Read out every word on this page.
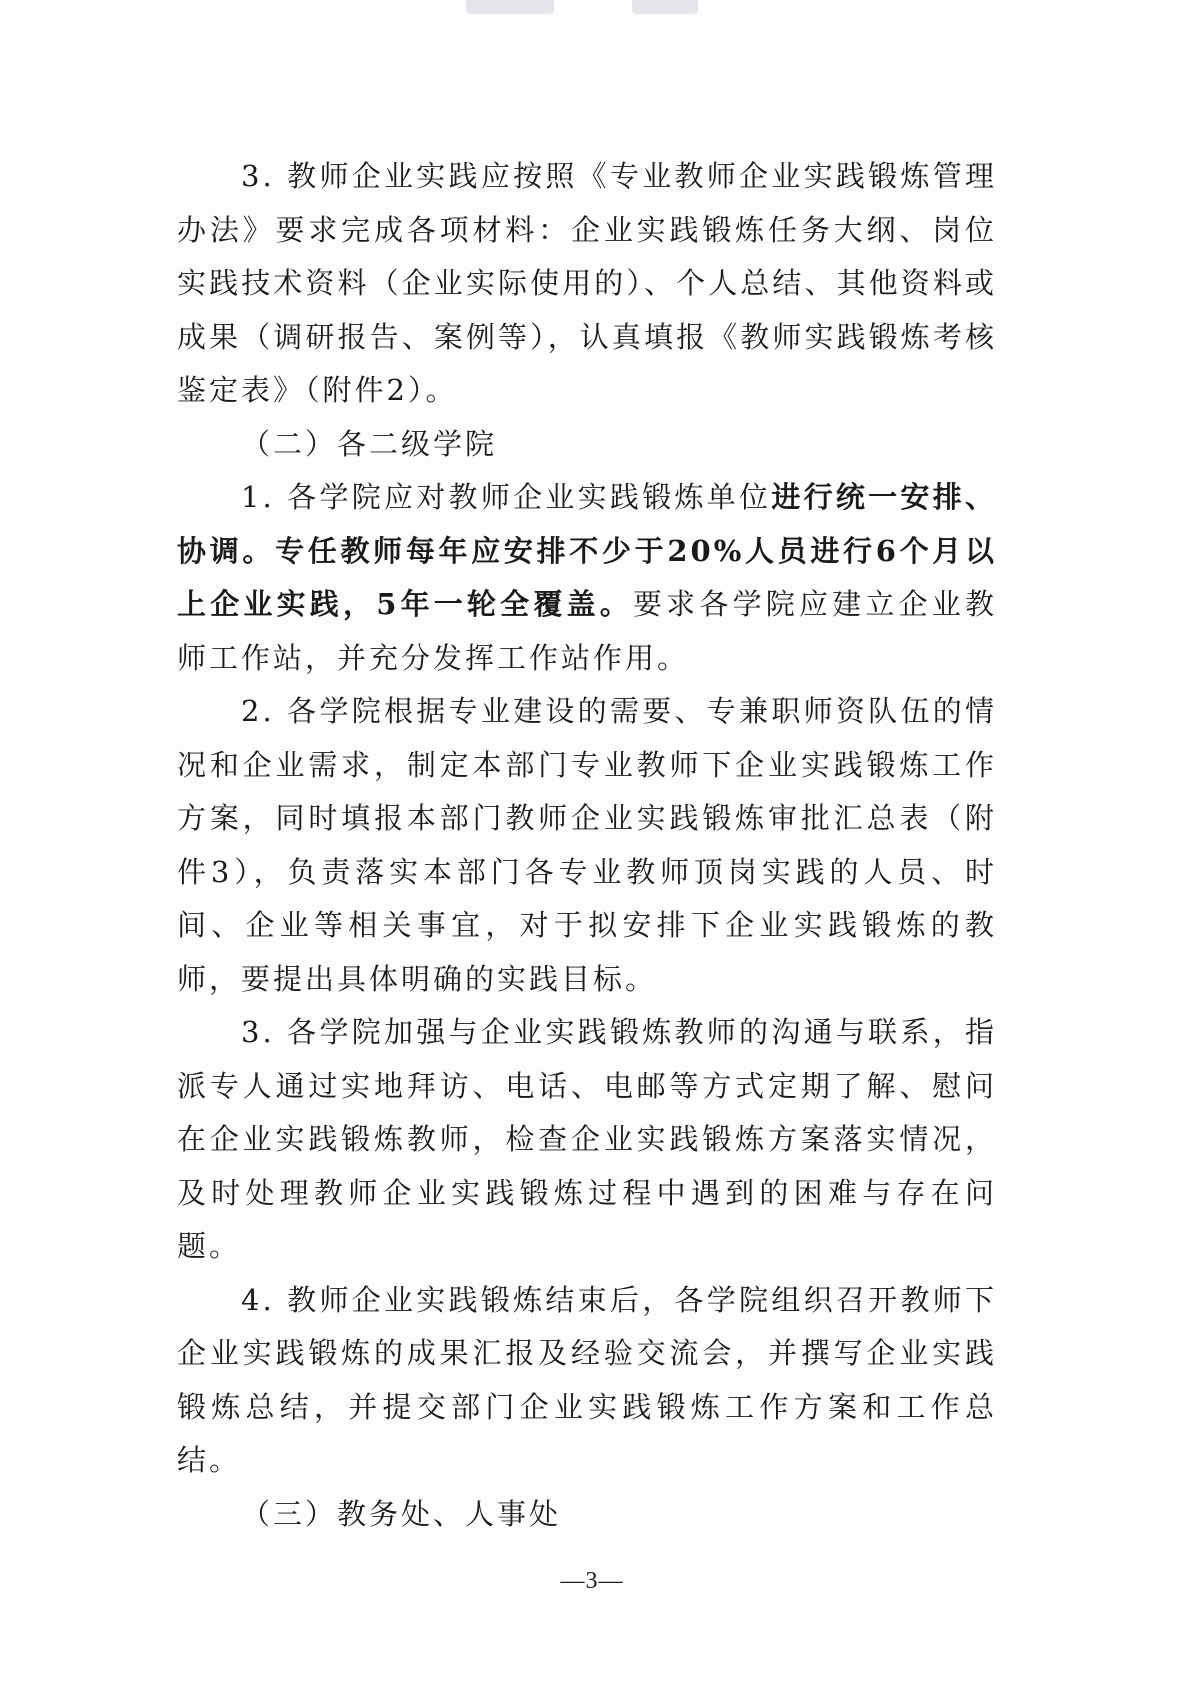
3. 教师企业实践应按照《专业教师企业实践锻炼管理办法》要求完成各项材料：企业实践锻炼任务大纲、岗位实践技术资料（企业实际使用的）、个人总结、其他资料或成果（调研报告、案例等），认真填报《教师实践锻炼考核鉴定表》（附件2）。

（二）各二级学院

1. 各学院应对教师企业实践锻炼单位进行统一安排、协调。专任教师每年应安排不少于20%人员进行6个月以上企业实践，5年一轮全覆盖。要求各学院应建立企业教师工作站，并充分发挥工作站作用。

2. 各学院根据专业建设的需要、专兼职师资队伍的情况和企业需求，制定本部门专业教师下企业实践锻炼工作方案，同时填报本部门教师企业实践锻炼审批汇总表（附件3），负责落实本部门各专业教师顶岗实践的人员、时间、企业等相关事宜，对于拟安排下企业实践锻炼的教师，要提出具体明确的实践目标。

3. 各学院加强与企业实践锻炼教师的沟通与联系，指派专人通过实地拜访、电话、电邮等方式定期了解、慰问在企业实践锻炼教师，检查企业实践锻炼方案落实情况，及时处理教师企业实践锻炼过程中遇到的困难与存在问题。

4. 教师企业实践锻炼结束后，各学院组织召开教师下企业实践锻炼的成果汇报及经验交流会，并撰写企业实践锻炼总结，并提交部门企业实践锻炼工作方案和工作总结。

（三）教务处、人事处

—3—
